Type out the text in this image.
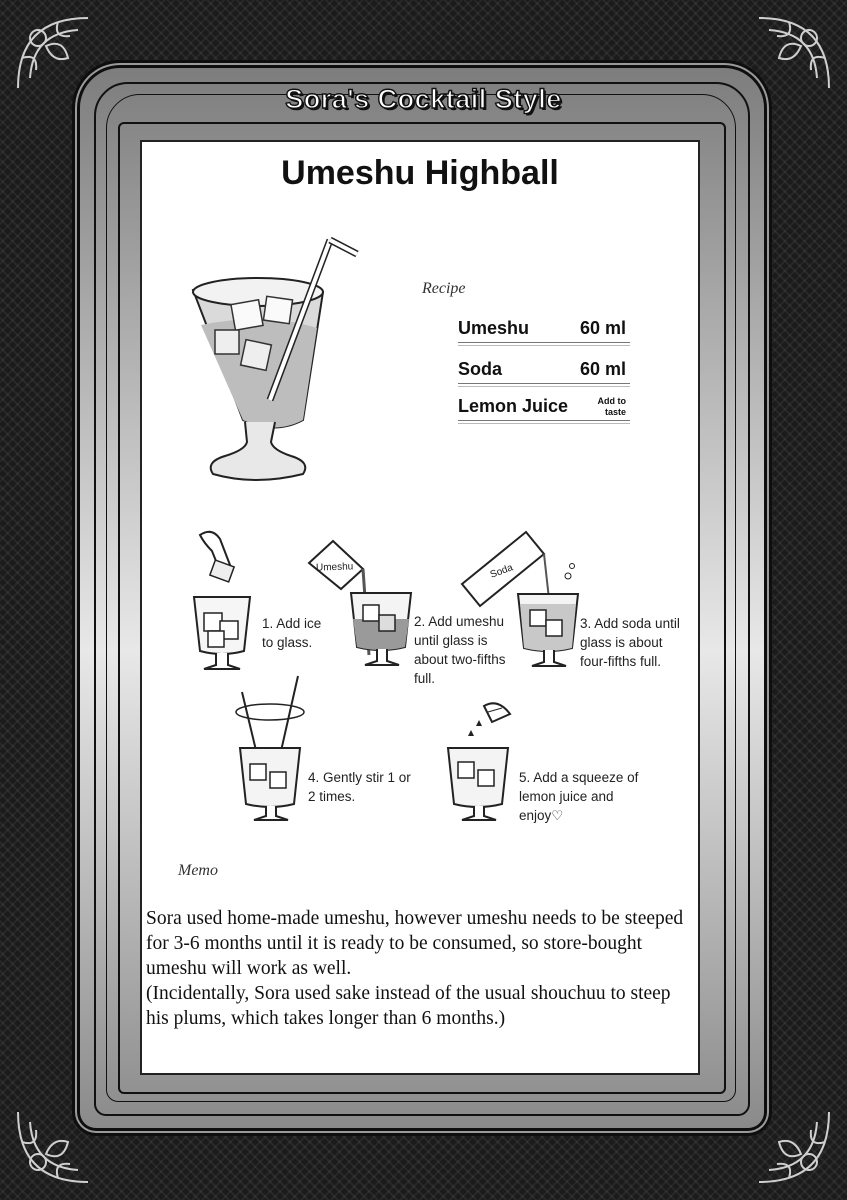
Sora's Cocktail Style
Umeshu Highball
Recipe
Umeshu	60 ml
Soda	60 ml
Lemon Juice	Add to
taste
1. Add ice
to glass.
Umeshu
2. Add umeshu
until glass is
about two-fifths
full.
Soda
3. Add soda until
glass is about
four-fifths full.
4. Gently stir 1 or
2 times.
5. Add a squeeze of
lemon juice and
enjoy♡
Memo

Sora used home-made umeshu, however umeshu needs to be steeped for 3-6 months until it is ready to be consumed, so store-bought umeshu will work as well.

(Incidentally, Sora used sake instead of the usual shouchuu to steep his plums, which takes longer than 6 months.)
